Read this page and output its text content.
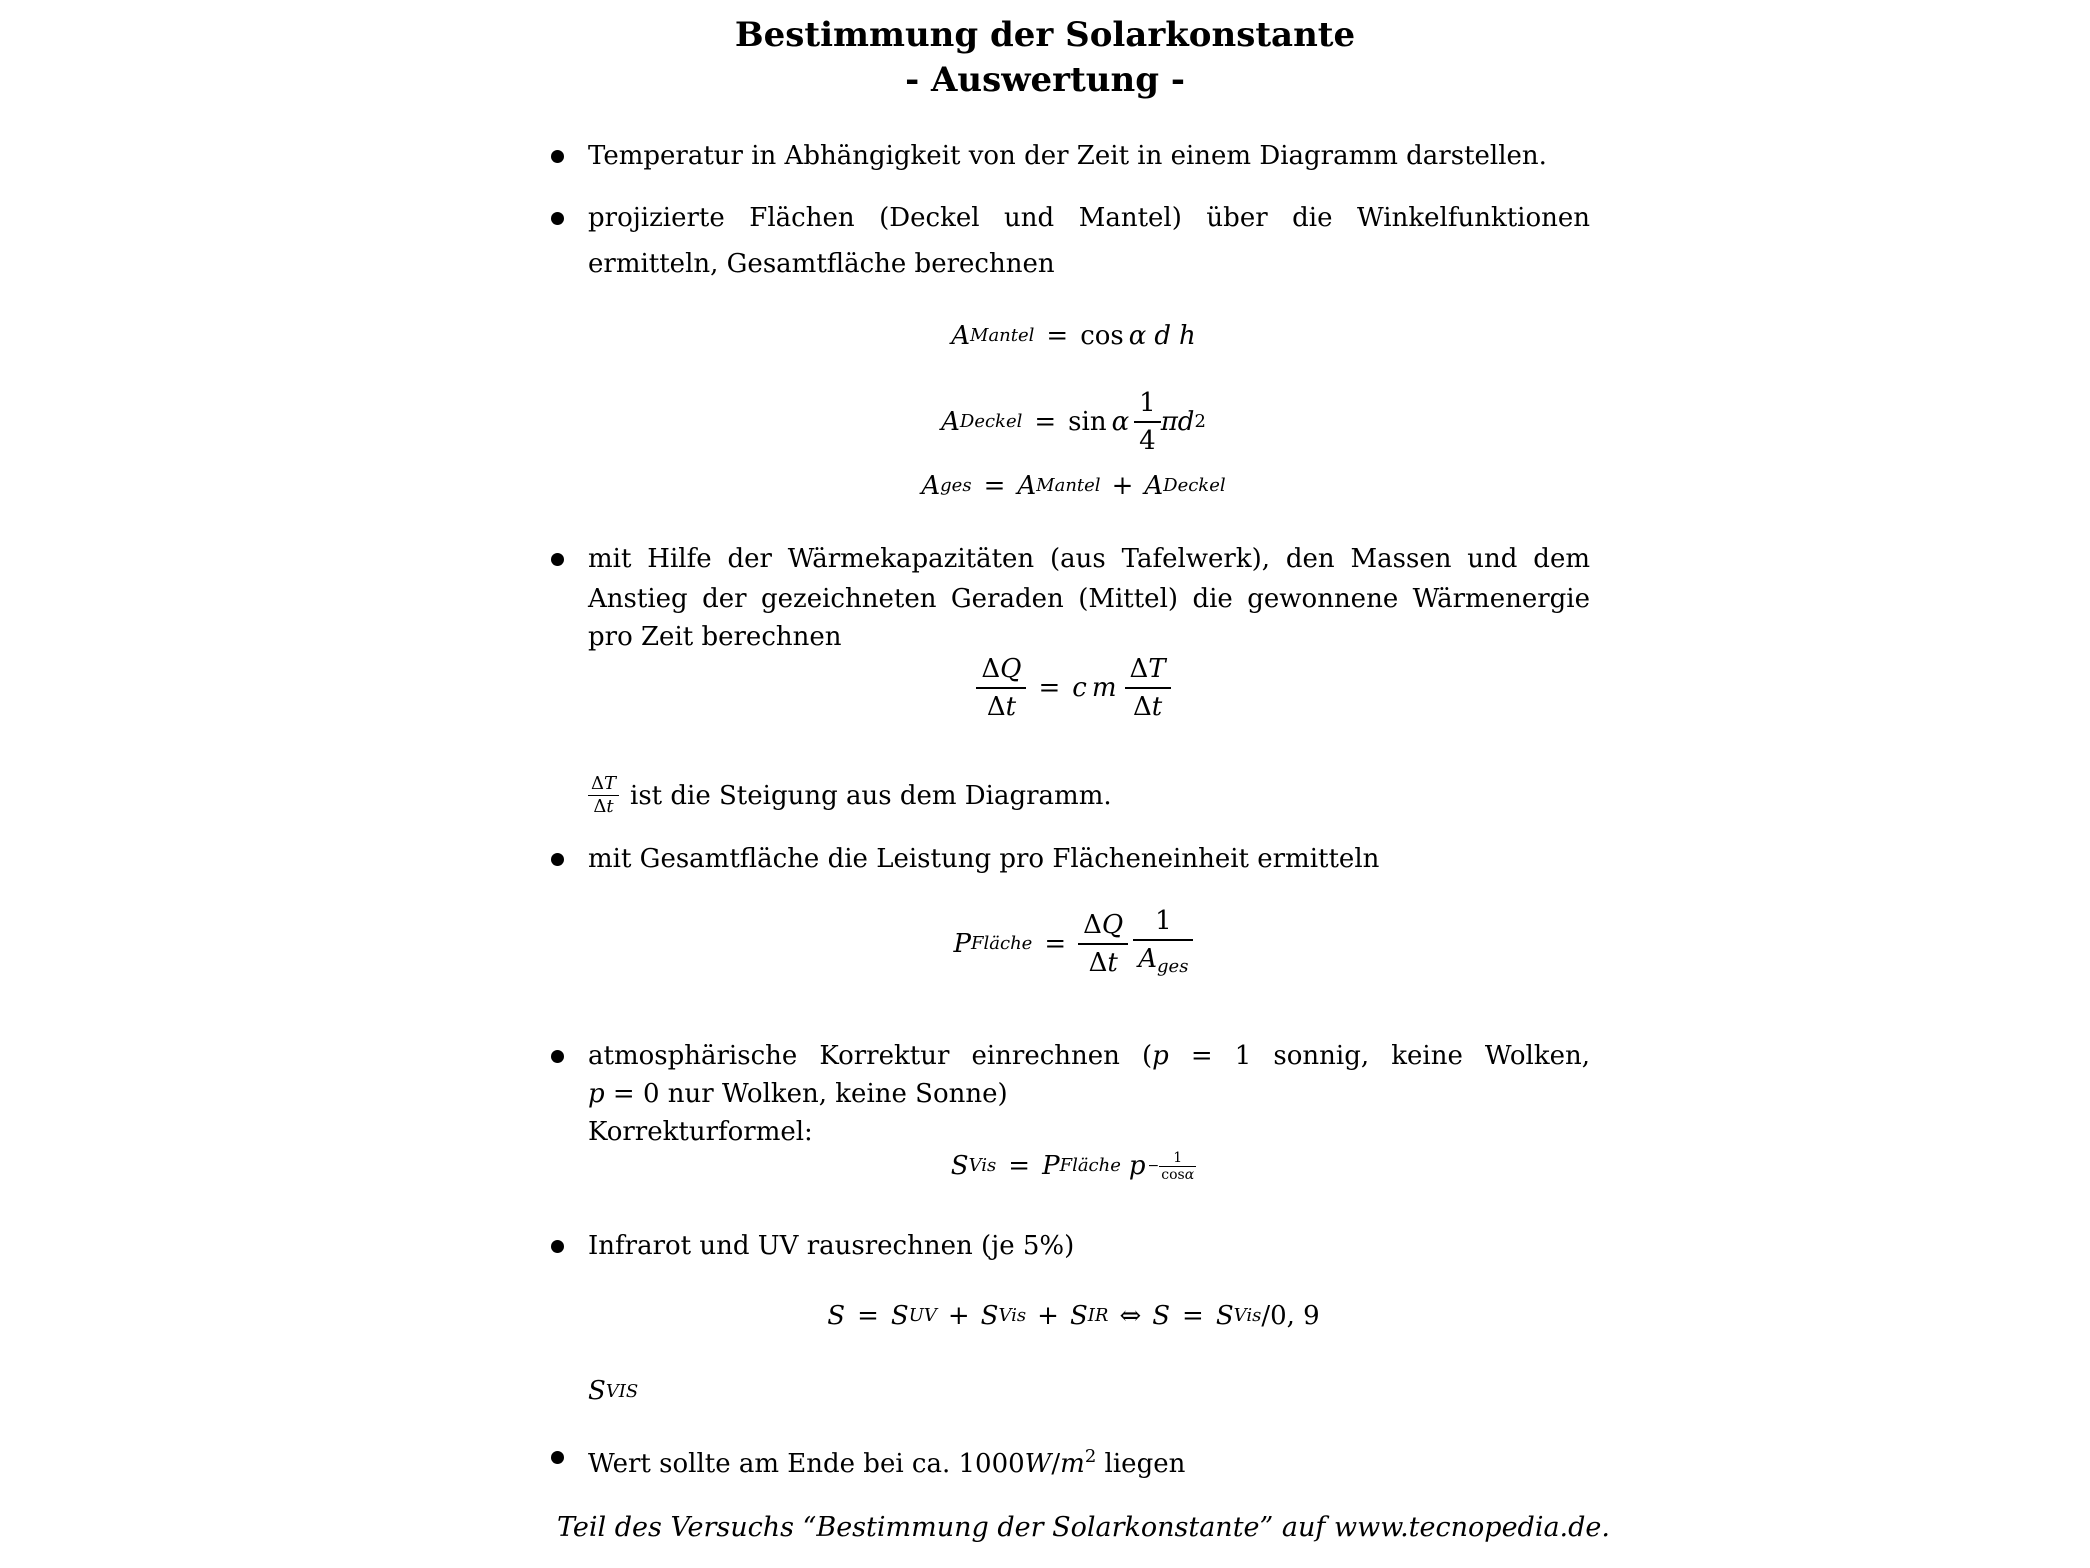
Bestimmung der Solarkonstante
- Auswertung -
Temperatur in Abhängigkeit von der Zeit in einem Diagramm darstellen.
projizierte Flächen (Deckel und Mantel) über die Winkelfunktionen
ermitteln, Gesamtfläche berechnen
A Mantel = cos α d h
A Deckel = sin α $\frac{1}{4}$ π d 2
A ges = A Mantel + A Deckel
mit Hilfe der Wärmekapazitäten (aus Tafelwerk), den Massen und dem
Anstieg der gezeichneten Geraden (Mittel) die gewonnene Wärmenergie
pro Zeit berechnen
$\frac{\Delta Q}{\Delta t} = c$ m $\frac{\Delta T}{\Delta t}$
$\frac{\Delta T}{\Delta t}$ ist die Steigung aus dem Diagramm.
mit Gesamtfläche die Leistung pro Flächeneinheit ermitteln
P Fläche = $\frac{\Delta Q}{\Delta t}$	1
$A_{ges}$
atmosphärische Korrektur einrechnen (p = 1 sonnig, keine Wolken,
p = 0 nur Wolken, keine Sonne)
Korrekturformel:
S Vis = P Fläche $p - \frac{1}{\cos\alpha}$
Infrarot und UV rausrechnen (je 5%)
S = S UV + S Vis + S IR ⇔ S = S Vis /0, 9
S VIS
Wert sollte am Ende bei ca. $1000W/m^2$ liegen
Teil des Versuchs “Bestimmung der Solarkonstante” auf www.tecnopedia.de.
